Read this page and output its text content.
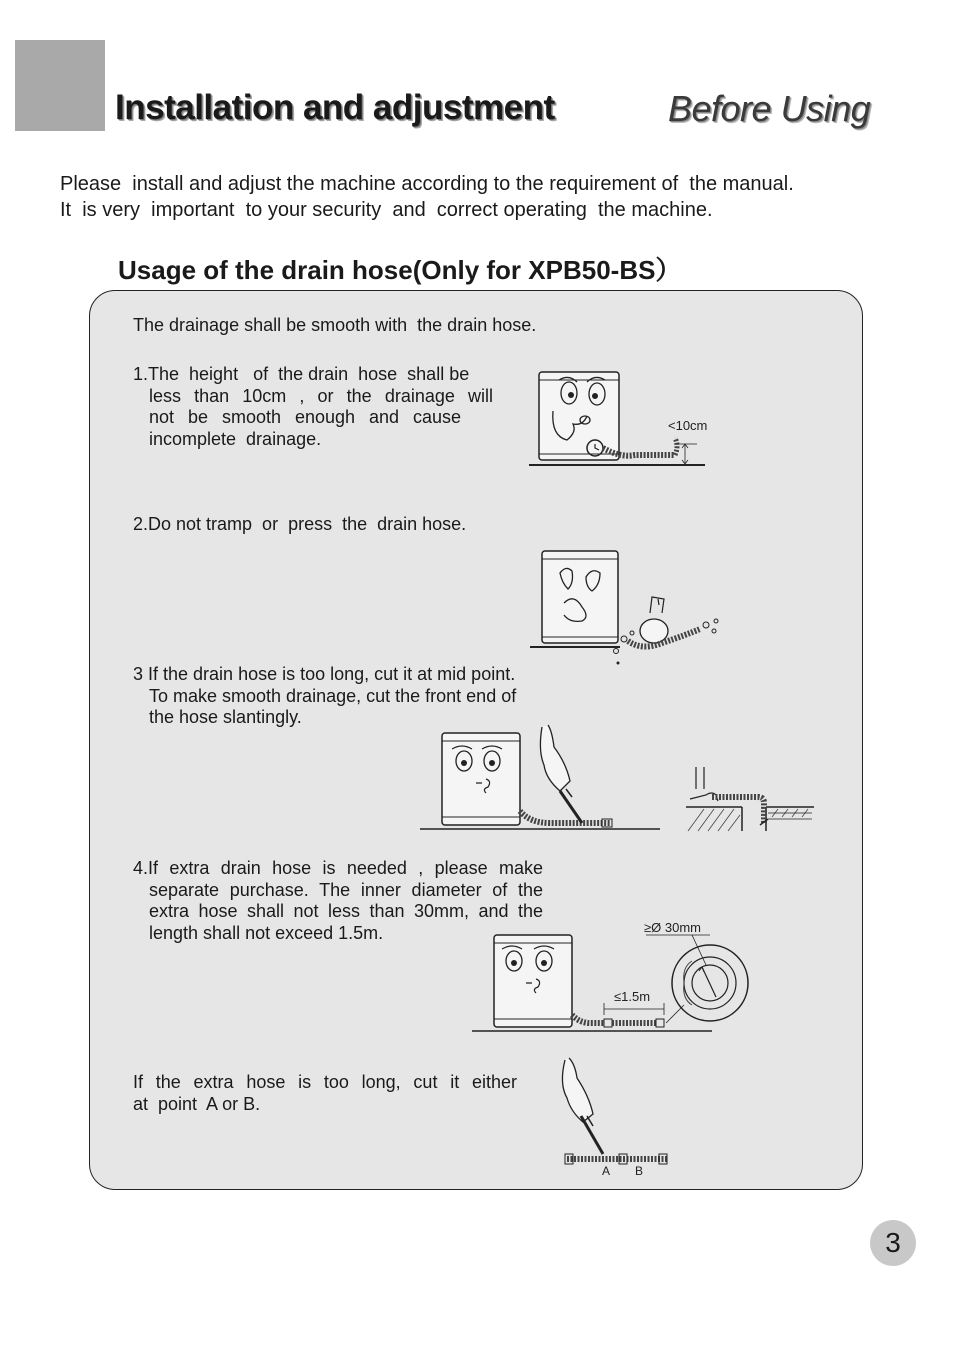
Installation and adjustment	Before Using
Please  install and adjust the machine according to the requirement of  the manual.
It  is very  important  to your security  and  correct operating  the machine.
Usage of the drain hose(Only for XPB50-BS）
The drainage shall be smooth with  the drain hose.
1.The  height   of  the drain  hose  shall be
less than 10cm , or the drainage will
not be smooth enough and cause
incomplete  drainage.
<10cm
2.Do not tramp  or  press  the  drain hose.
3 If the drain hose is too long, cut it at mid point.
To make smooth drainage, cut the front end of
the hose slantingly.
4.If extra drain hose is needed , please make
separate purchase. The inner diameter of the
extra hose shall not less than 30mm, and the
length shall not exceed 1.5m.
≤1.5m
≥Ø 30mm
If the extra hose is too long, cut it either
at  point  A or B.
A B
3
